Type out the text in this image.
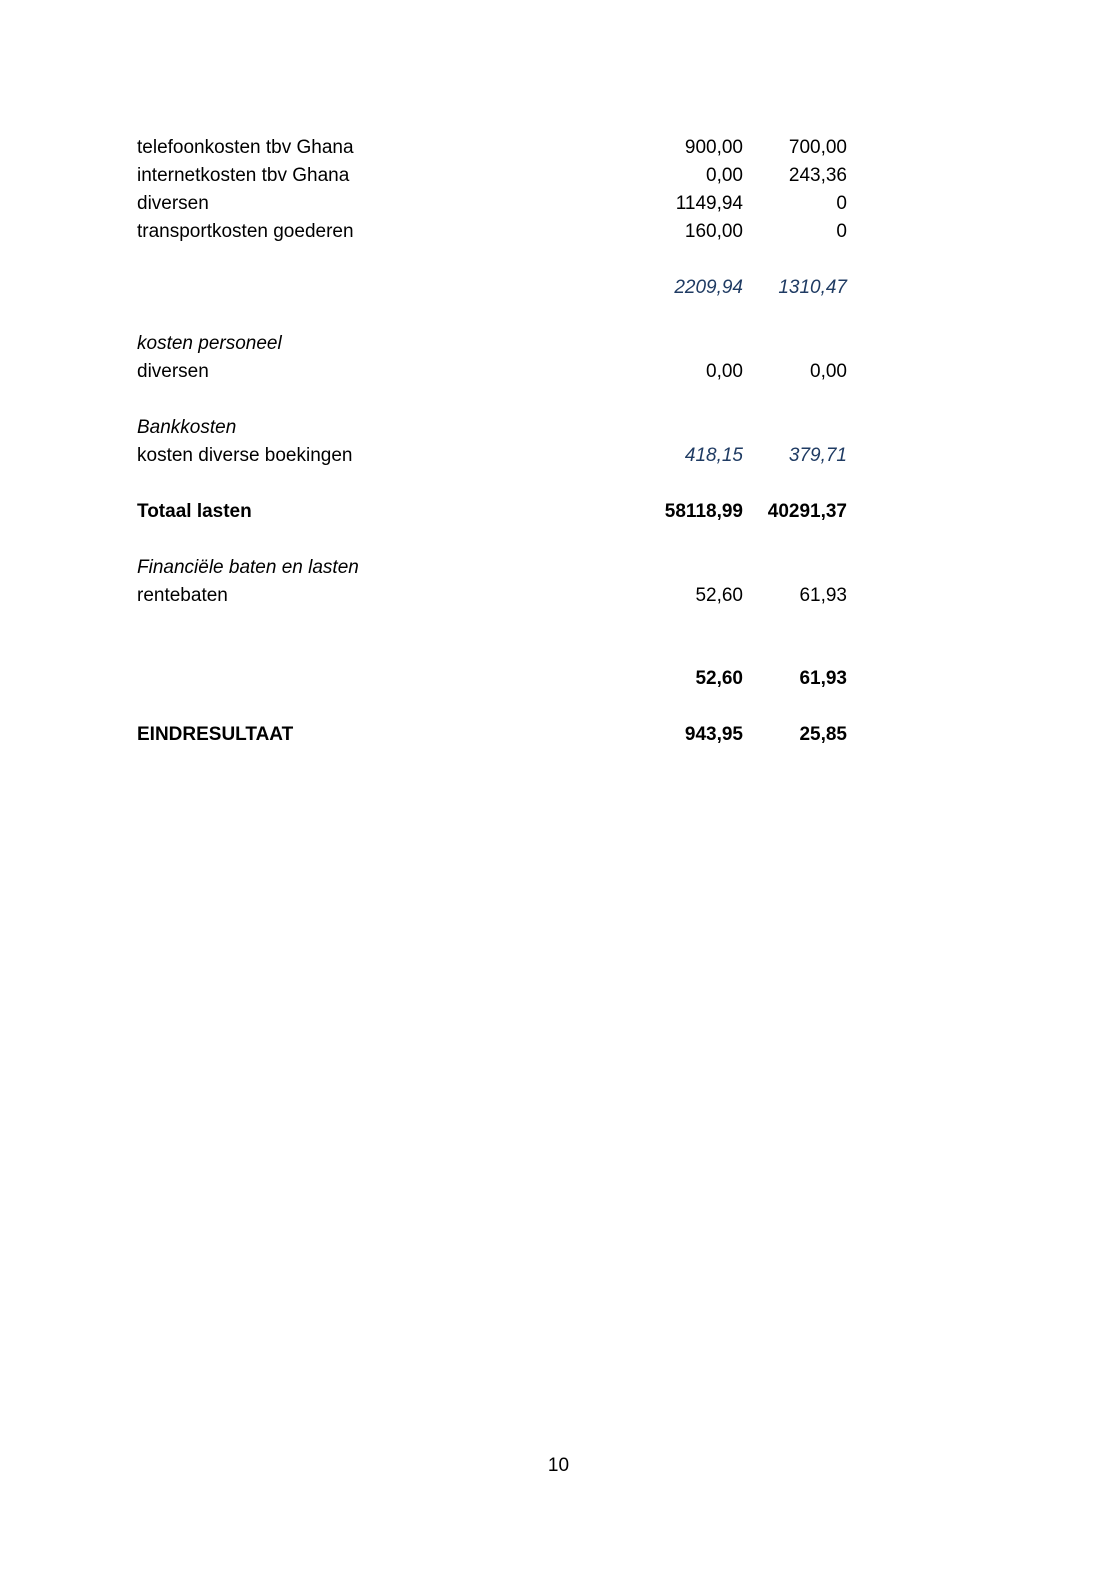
telefoonkosten tbv Ghana	900,00 700,00
internetkosten tbv Ghana	0,00 243,36
diversen	1149,94	0
transportkosten goederen	160,00	0
2209,94 1310,47
kosten personeel
diversen	0,00	0,00
Bankkosten
kosten diverse boekingen	418,15 379,71
Totaal lasten	58118,99 40291,37
Financiële baten en lasten
rentebaten	52,60	61,93
52,60	61,93
EINDRESULTAAT	943,95	25,85
10
